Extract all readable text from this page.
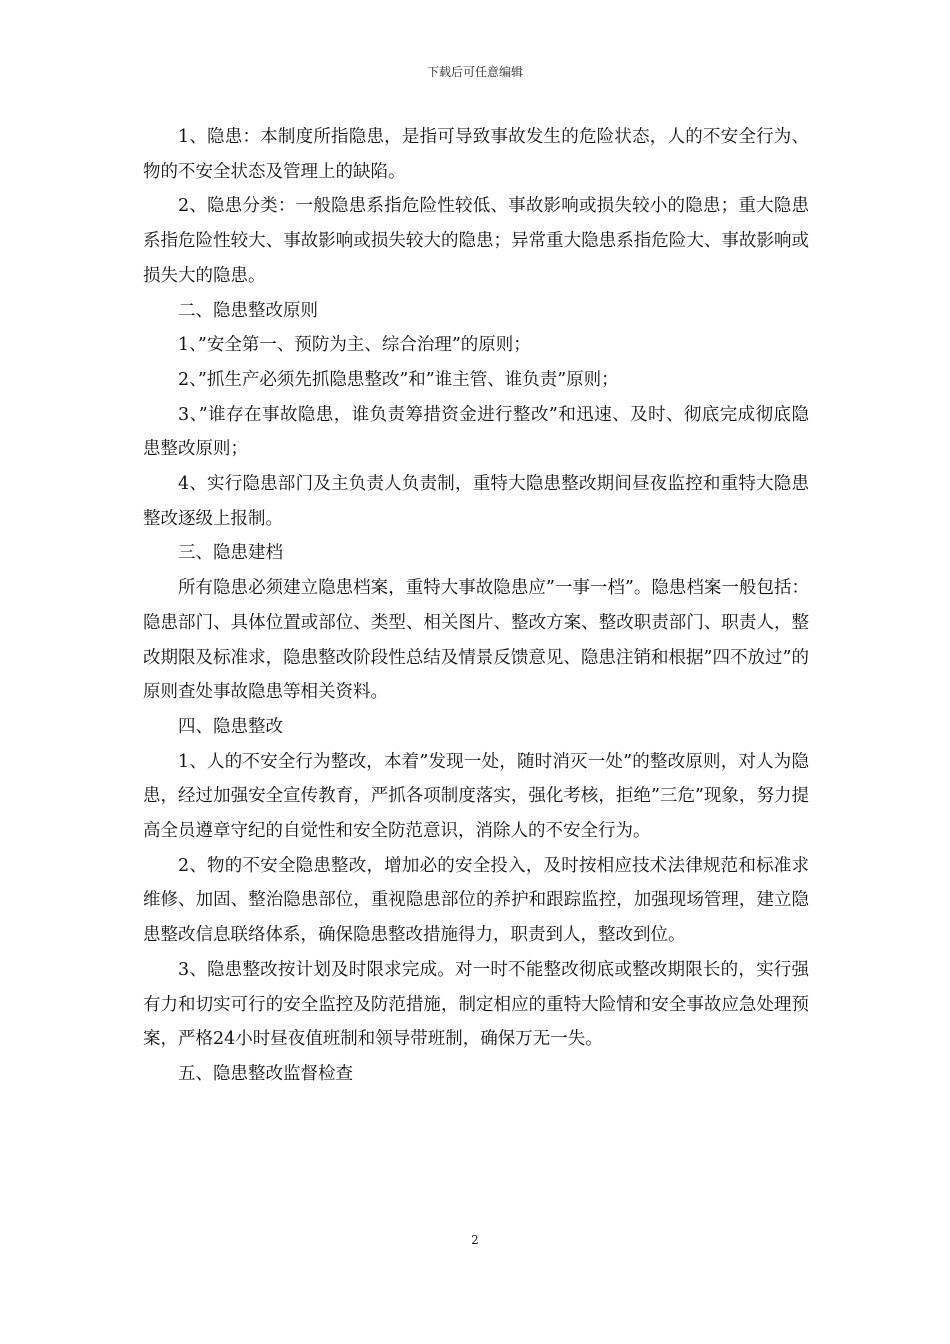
下载后可任意编辑

1、隐患：本制度所指隐患，是指可导致事故发生的危险状态，人的不安全行为、物的不安全状态及管理上的缺陷。

2、隐患分类：一般隐患系指危险性较低、事故影响或损失较小的隐患；重大隐患系指危险性较大、事故影响或损失较大的隐患；异常重大隐患系指危险大、事故影响或损失大的隐患。

二、隐患整改原则

1、”安全第一、预防为主、综合治理”的原则；

2、”抓生产必须先抓隐患整改”和”谁主管、谁负责”原则；

3、”谁存在事故隐患，谁负责筹措资金进行整改”和迅速、及时、彻底完成彻底隐患整改原则；

4、实行隐患部门及主负责人负责制，重特大隐患整改期间昼夜监控和重特大隐患整改逐级上报制。

三、隐患建档

所有隐患必须建立隐患档案，重特大事故隐患应”一事一档”。隐患档案一般包括：隐患部门、具体位置或部位、类型、相关图片、整改方案、整改职责部门、职责人，整改期限及标准求，隐患整改阶段性总结及情景反馈意见、隐患注销和根据”四不放过”的原则查处事故隐患等相关资料。

四、隐患整改

1、人的不安全行为整改，本着”发现一处，随时消灭一处”的整改原则，对人为隐患，经过加强安全宣传教育，严抓各项制度落实，强化考核，拒绝”三危”现象，努力提高全员遵章守纪的自觉性和安全防范意识，消除人的不安全行为。

2、物的不安全隐患整改，增加必的安全投入，及时按相应技术法律规范和标准求维修、加固、整治隐患部位，重视隐患部位的养护和跟踪监控，加强现场管理，建立隐患整改信息联络体系，确保隐患整改措施得力，职责到人，整改到位。

3、隐患整改按计划及时限求完成。对一时不能整改彻底或整改期限长的，实行强有力和切实可行的安全监控及防范措施，制定相应的重特大险情和安全事故应急处理预案，严格24小时昼夜值班制和领导带班制，确保万无一失。

五、隐患整改监督检查

2
